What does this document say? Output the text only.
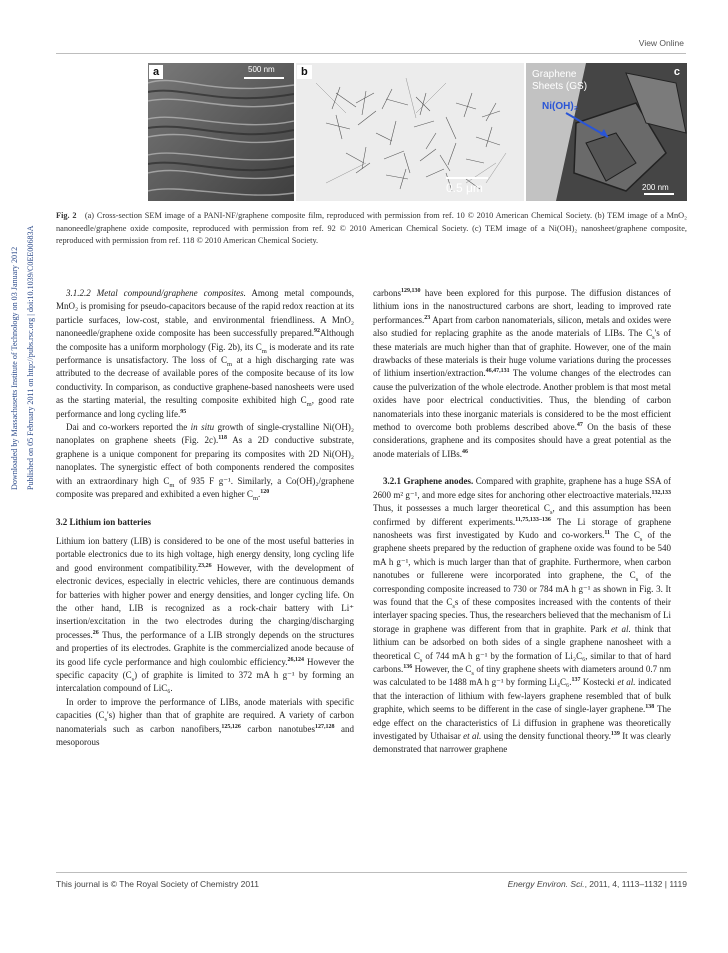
View Online
a	500 nm	b
0.5 μm
c
Graphene
Sheets (GS)
Ni(OH)₂
200 nm
Fig. 2 (a) Cross-section SEM image of a PANI-NF/graphene composite film, reproduced with permission from ref. 10 © 2010 American Chemical Society. (b) TEM image of a MnO₂ nanoneedle/graphene oxide composite, reproduced with permission from ref. 92 © 2010 American Chemical Society. (c) TEM image of a Ni(OH)₂ nanosheet/graphene composite, reproduced with permission from ref. 118 © 2010 American Chemical Society.
Downloaded by Massachusetts Institute of Technology on 03 January 2012 Published on 05 February 2011 on http://pubs.rsc.org | doi:10.1039/C0EE00683A	3.1.2.2 Metal compound/graphene composites. Among metal compounds, MnO₂ is promising for pseudo-capacitors because of the rapid redox reaction at its particle surfaces, low-cost, stable, and environmental friendliness. A MnO₂ nanoneedle/graphene oxide composite has been successfully prepared.$^{92}$Although the composite has a uniform morphology (Fig. 2b), its $C_m$ is moderate and its rate performance is unsatisfactory. The loss of $C_m$ at a high discharging rate was attributed to the decrease of available pores of the composite because of its low conductivity. In comparison, as conductive graphene-based nanosheets were used as the starting material, the resulting composite exhibited high $C_m$, good rate performance and long cycling life.$^{95}$

Dai and co-workers reported the in situ growth of single-crystalline Ni(OH)₂ nanoplates on graphene sheets (Fig. 2c).$^{118}$ As a 2D conductive substrate, graphene is a unique component for preparing its composites with 2D Ni(OH)₂ nanoplates. The synergistic effect of both components rendered the composites with an extraordinary high $C_m$ of 935 F g⁻¹. Similarly, a Co(OH)₂/graphene composite was prepared and exhibited a even higher $C_m.^{120}$

3.2 Lithium ion batteries

Lithium ion battery (LIB) is considered to be one of the most useful batteries in portable electronics due to its high voltage, high energy density, long cycling life and good environment compatibility.$^{23,26}$ However, with the development of electronic devices, especially in electric vehicles, there are continuous demands for batteries with higher power and energy densities, and longer cycling life. On the other hand, LIB is recognized as a rock-chair battery with Li⁺ insertion/excitation in the two electrodes during the charging/discharging processes.$^{26}$ Thus, the performance of a LIB strongly depends on the structures and properties of its electrodes. Graphite is the commercialized anode because of its good life cycle performance and high coulombic efficiency.$^{26,124}$ However the specific capacity $(C_s)$ of graphite is limited to 372 mA h g⁻¹ by forming an intercalation compound of LiC₆.

In order to improve the performance of LIBs, anode materials with specific capacities $(C_s's)$ higher than that of graphite are required. A variety of carbon nanomaterials such as carbon nanofibers,$^{125,126}$ carbon nanotubes$^{127,128}$ and mesoporous

carbons$^{129,130}$ have been explored for this purpose. The diffusion distances of lithium ions in the nanostructured carbons are short, leading to improved rate performances.$^{23}$ Apart from carbon nanomaterials, silicon, metals and oxides were also studied for replacing graphite as the anode materials of LIBs. The $C_s's$ of these materials are much higher than that of graphite. However, one of the main drawbacks of these materials is their huge volume variations during the processes of lithium insertion/extraction.$^{46,47,131}$ The volume changes of the electrodes can cause the pulverization of the whole electrode. Another problem is that most metal oxides have poor electrical conductivities. Thus, the blending of carbon nanomaterials into these inorganic materials is considered to be the most efficient method to overcome both problems described above.$^{47}$ On the basis of these considerations, graphene and its composites should have a great potential as the anode materials of LIBs.$^{46}$

3.2.1 Graphene anodes. Compared with graphite, graphene has a huge SSA of 2600 m² g⁻¹, and more edge sites for anchoring other electroactive materials.$^{132,133}$ Thus, it possesses a much larger theoretical $C_s$, and this assumption has been confirmed by different experiments.$^{11,75,133-136}$ The Li storage of graphene nanosheets was first investigated by Kudo and co-workers.$^{11}$ The $C_s$ of the graphene sheets prepared by the reduction of graphene oxide was found to be 540 mA h g⁻¹, which is much larger than that of graphite. Furthermore, when carbon nanotubes or fullerene were incorporated into graphene, the $C_s$ of the corresponding composite increased to 730 or 784 mA h g⁻¹ as shown in Fig. 3. It was found that the $C_ss$ of these composites increased with the contents of their interlayer spacing species. Thus, the researchers believed that the mechanism of Li storage in graphene was different from that in graphite. Park et al. think that lithium can be adsorbed on both sides of a single graphene nanosheet with a theoretical $C_s$ of 744 mA h g⁻¹ by the formation of Li₂C₆, similar to that of hard carbons.$^{136}$ However, the $C_s$ of tiny graphene sheets with diameters around 0.7 nm was calculated to be 1488 mA h g⁻¹ by forming Li₄C₆.$^{137}$ Kostecki et al. indicated that the interaction of lithium with few-layers graphene resembled that of bulk graphite, which seems to be different in the case of single-layer graphene.$^{138}$ The edge effect on the characteristics of Li diffusion in graphene was theoretically investigated by Uthaisar et al. using the density functional theory.$^{139}$ It was clearly demonstrated that narrower graphene

This journal is © The Royal Society of Chemistry 2011	Energy Environ. Sci., 2011, 4, 1113–1132 | 1119
